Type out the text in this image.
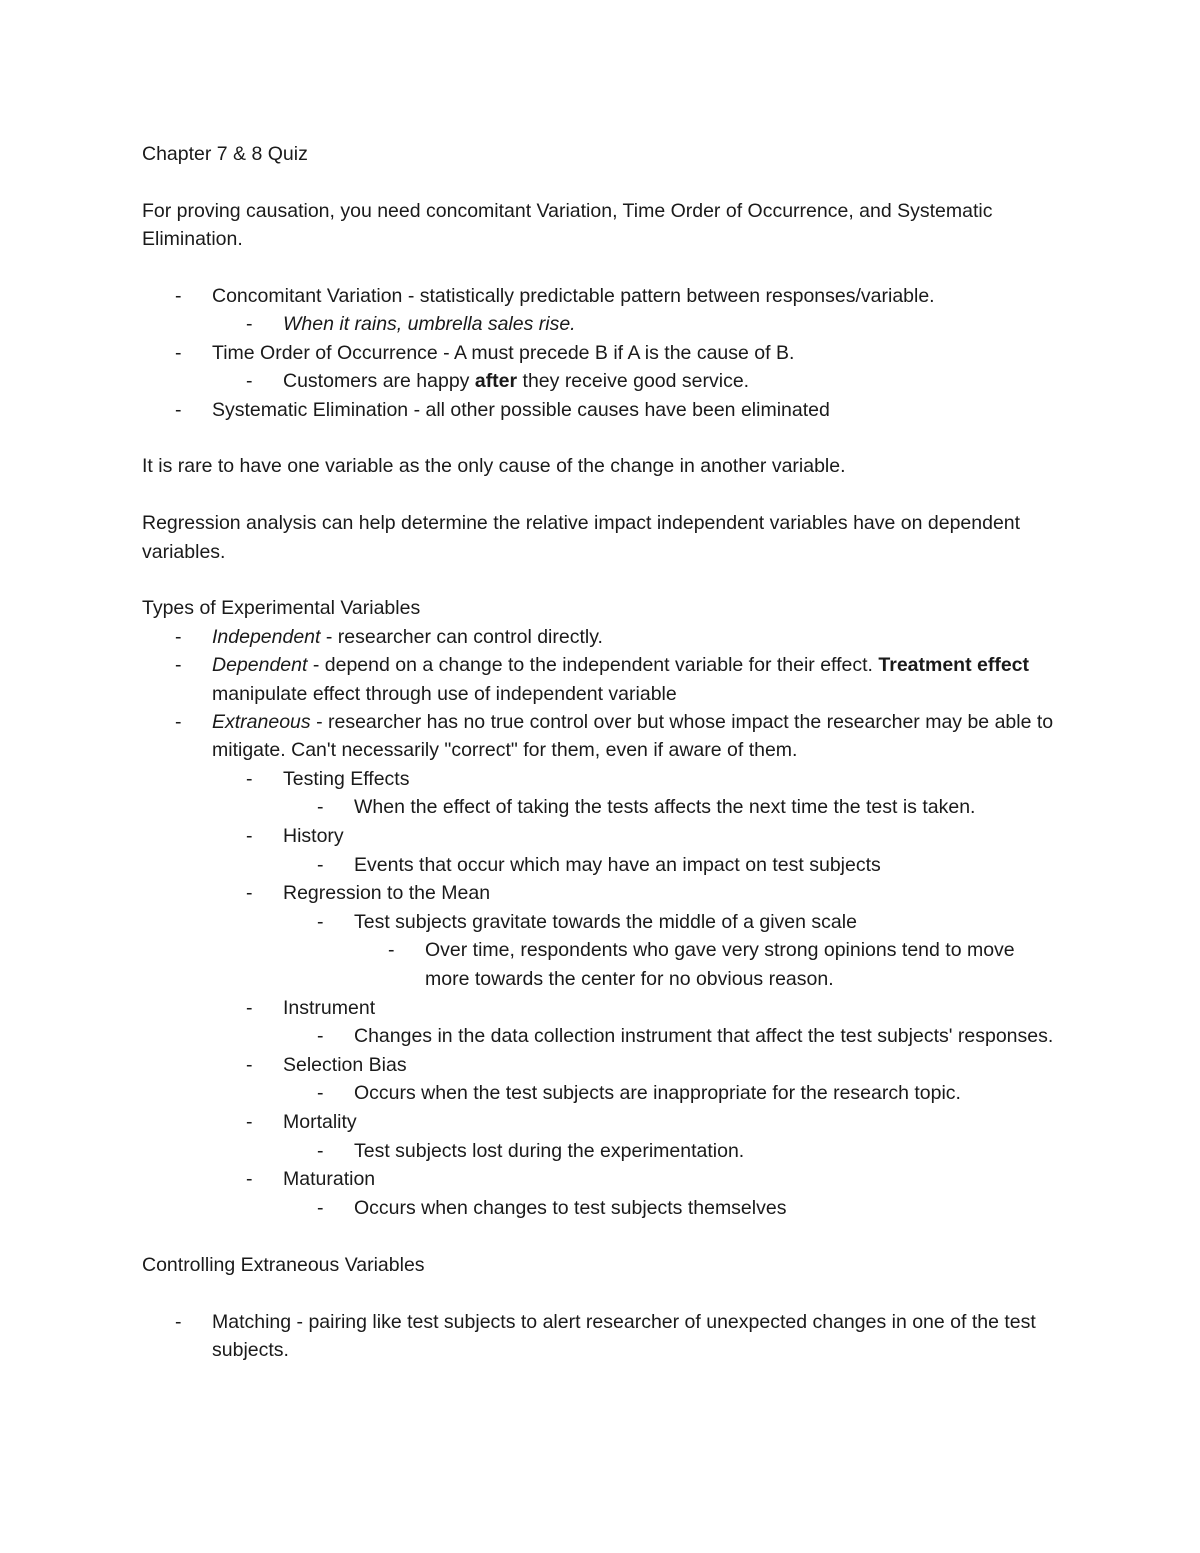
Chapter 7 & 8 Quiz

For proving causation, you need concomitant Variation, Time Order of Occurrence, and Systematic Elimination.

- Concomitant Variation - statistically predictable pattern between responses/variable.
- When it rains, umbrella sales rise.
- Time Order of Occurrence - A must precede B if A is the cause of B.
- Customers are happy after they receive good service.
- Systematic Elimination - all other possible causes have been eliminated

It is rare to have one variable as the only cause of the change in another variable.

Regression analysis can help determine the relative impact independent variables have on dependent variables.

Types of Experimental Variables

- Independent - researcher can control directly.
- Dependent - depend on a change to the independent variable for their effect. Treatment effect manipulate effect through use of independent variable
- Extraneous - researcher has no true control over but whose impact the researcher may be able to mitigate. Can't necessarily "correct" for them, even if aware of them.
- Testing Effects
- When the effect of taking the tests affects the next time the test is taken.
- History
- Events that occur which may have an impact on test subjects
- Regression to the Mean
- Test subjects gravitate towards the middle of a given scale
- Over time, respondents who gave very strong opinions tend to move more towards the center for no obvious reason.
- Instrument
- Changes in the data collection instrument that affect the test subjects' responses.
- Selection Bias
- Occurs when the test subjects are inappropriate for the research topic.
- Mortality
- Test subjects lost during the experimentation.
- Maturation
- Occurs when changes to test subjects themselves

Controlling Extraneous Variables

- Matching - pairing like test subjects to alert researcher of unexpected changes in one of the test subjects.
